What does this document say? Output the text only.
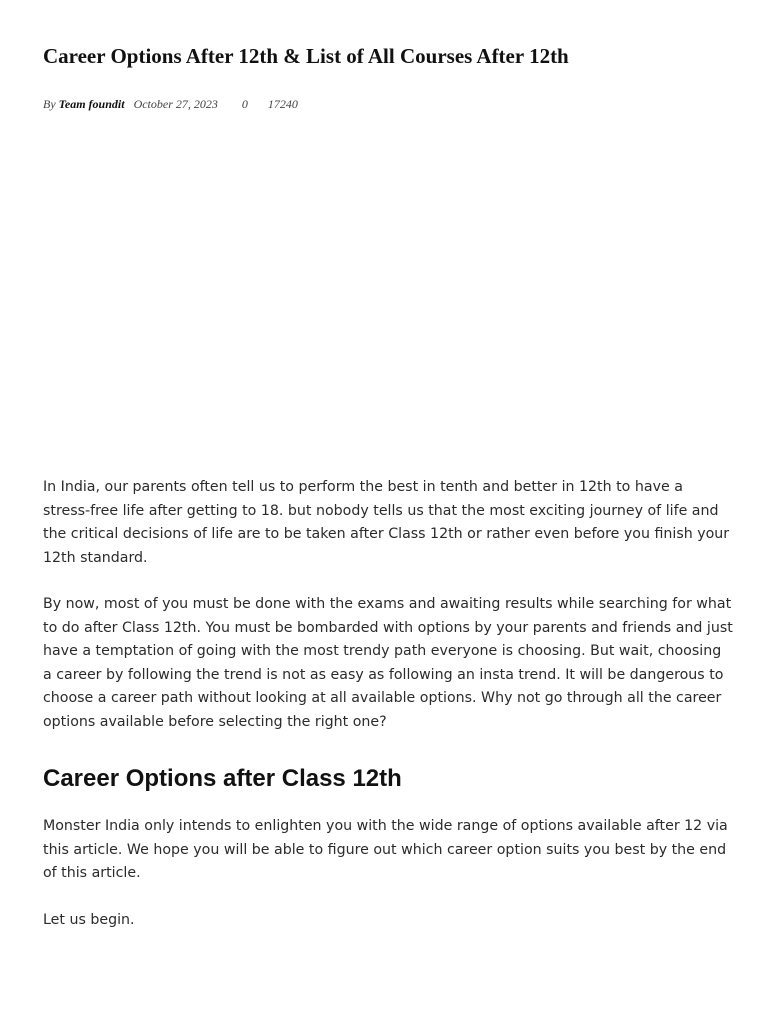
Career Options After 12th & List of All Courses After 12th
By Team foundit October 27, 2023 0 17240

In India, our parents often tell us to perform the best in tenth and better in 12th to have a stress-free life after getting to 18. but nobody tells us that the most exciting journey of life and the critical decisions of life are to be taken after Class 12th or rather even before you finish your 12th standard.

By now, most of you must be done with the exams and awaiting results while searching for what to do after Class 12th. You must be bombarded with options by your parents and friends and just have a temptation of going with the most trendy path everyone is choosing. But wait, choosing a career by following the trend is not as easy as following an insta trend. It will be dangerous to choose a career path without looking at all available options. Why not go through all the career options available before selecting the right one?

Career Options after Class 12th

Monster India only intends to enlighten you with the wide range of options available after 12 via this article. We hope you will be able to figure out which career option suits you best by the end of this article.

Let us begin.
